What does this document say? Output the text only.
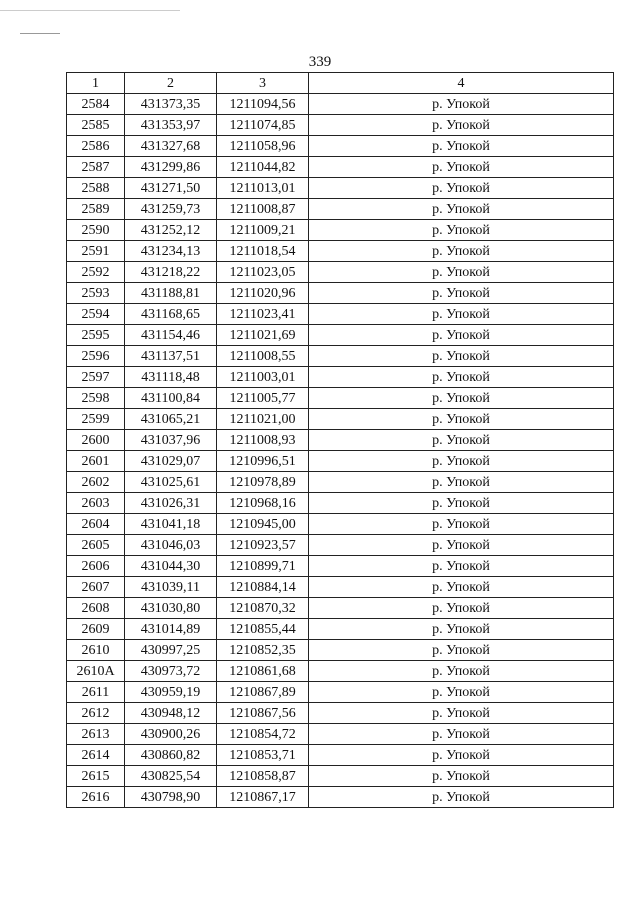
339
1	2	3	4
2584	431373,35	1211094,56	р. Упокой
2585	431353,97	1211074,85	р. Упокой
2586	431327,68	1211058,96	р. Упокой
2587	431299,86	1211044,82	р. Упокой
2588	431271,50	1211013,01	р. Упокой
2589	431259,73	1211008,87	р. Упокой
2590	431252,12	1211009,21	р. Упокой
2591	431234,13	1211018,54	р. Упокой
2592	431218,22	1211023,05	р. Упокой
2593	431188,81	1211020,96	р. Упокой
2594	431168,65	1211023,41	р. Упокой
2595	431154,46	1211021,69	р. Упокой
2596	431137,51	1211008,55	р. Упокой
2597	431118,48	1211003,01	р. Упокой
2598	431100,84	1211005,77	р. Упокой
2599	431065,21	1211021,00	р. Упокой
2600	431037,96	1211008,93	р. Упокой
2601	431029,07	1210996,51	р. Упокой
2602	431025,61	1210978,89	р. Упокой
2603	431026,31	1210968,16	р. Упокой
2604	431041,18	1210945,00	р. Упокой
2605	431046,03	1210923,57	р. Упокой
2606	431044,30	1210899,71	р. Упокой
2607	431039,11	1210884,14	р. Упокой
2608	431030,80	1210870,32	р. Упокой
2609	431014,89	1210855,44	р. Упокой
2610	430997,25	1210852,35	р. Упокой
2610А	430973,72	1210861,68	р. Упокой
2611	430959,19	1210867,89	р. Упокой
2612	430948,12	1210867,56	р. Упокой
2613	430900,26	1210854,72	р. Упокой
2614	430860,82	1210853,71	р. Упокой
2615	430825,54	1210858,87	р. Упокой
2616	430798,90	1210867,17	р. Упокой
